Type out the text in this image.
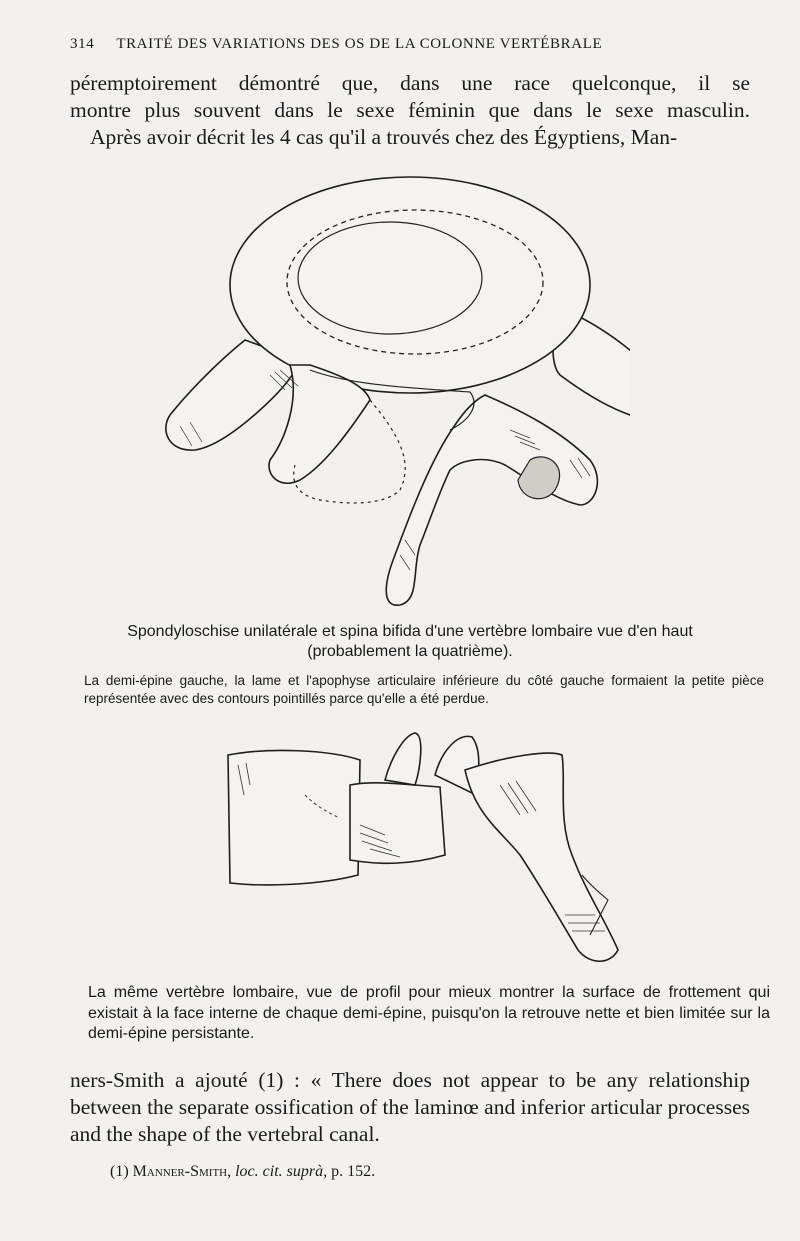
314 TRAITÉ DES VARIATIONS DES OS DE LA COLONNE VERTÉBRALE
péremptoirement démontré que, dans une race quelconque, il se
montre plus souvent dans le sexe féminin que dans le sexe masculin.
Après avoir décrit les 4 cas qu'il a trouvés chez des Égyptiens, Man-
Spondyloschise unilatérale et spina bifida d'une vertèbre lombaire vue d'en haut (probablement la quatrième).
La demi-épine gauche, la lame et l'apophyse articulaire inférieure du côté gauche formaient la petite pièce représentée avec des contours pointillés parce qu'elle a été perdue.
La même vertèbre lombaire, vue de profil pour mieux montrer la surface de frottement qui existait à la face interne de chaque demi-épine, puisqu'on la retrouve nette et bien limitée sur la demi-épine persistante.
ners-Smith a ajouté (1) : « There does not appear to be any relationship between the separate ossification of the laminœ and inferior articular processes and the shape of the vertebral canal.
(1) Manner-Smith, loc. cit. suprà, p. 152.
